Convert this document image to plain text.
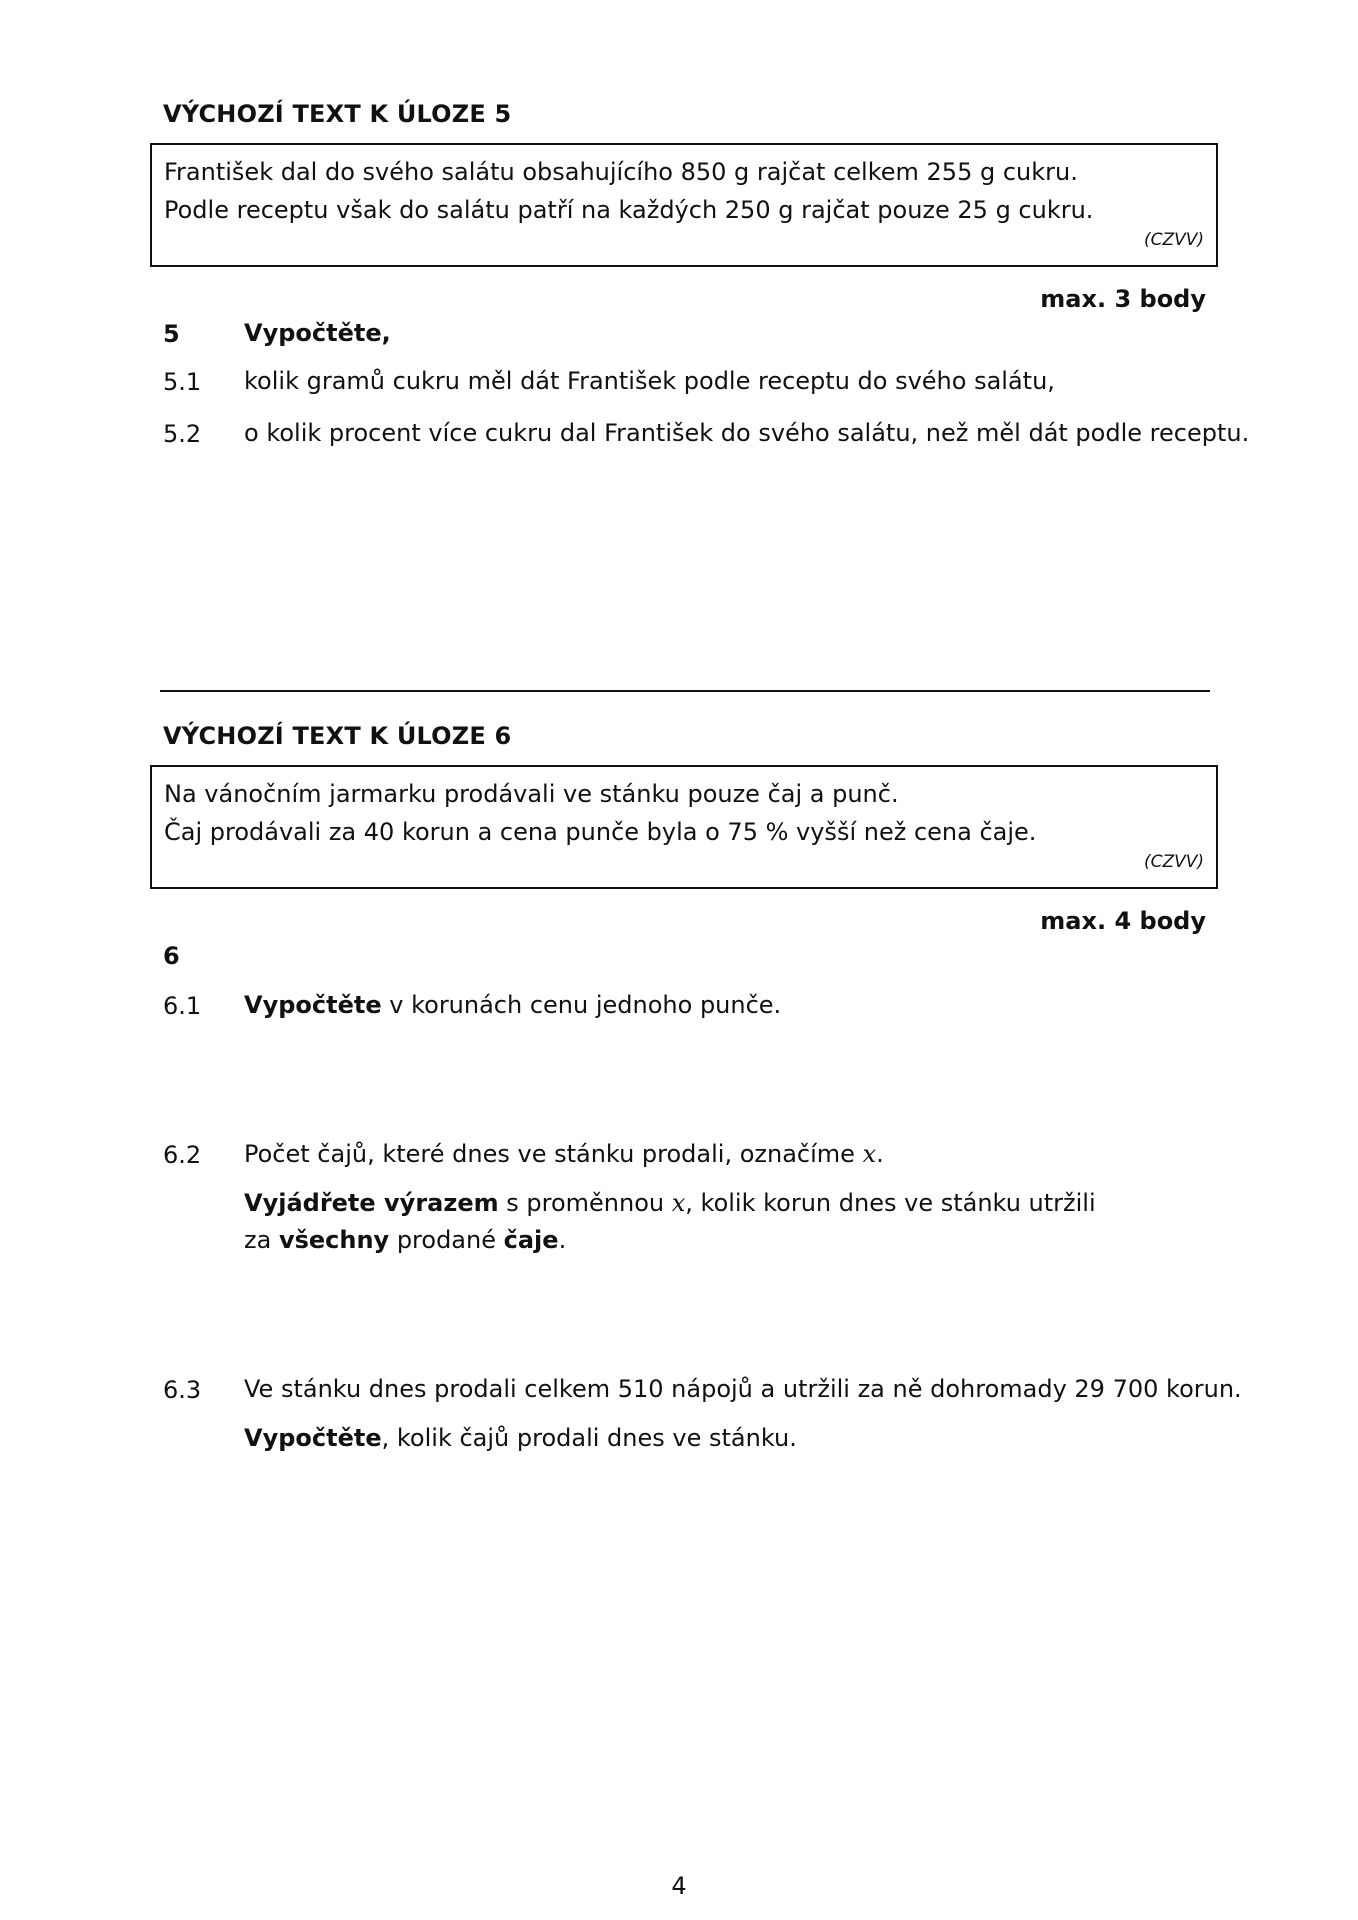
VÝCHOZÍ TEXT K ÚLOZE 5
František dal do svého salátu obsahujícího 850 g rajčat celkem 255 g cukru.
Podle receptu však do salátu patří na každých 250 g rajčat pouze 25 g cukru.
(CZVV)
max. 3 body
5	Vypočtěte,
5.1 kolik gramů cukru měl dát František podle receptu do svého salátu,
5.2 o kolik procent více cukru dal František do svého salátu, než měl dát podle receptu.
VÝCHOZÍ TEXT K ÚLOZE 6
Na vánočním jarmarku prodávali ve stánku pouze čaj a punč.
Čaj prodávali za 40 korun a cena punče byla o 75 % vyšší než cena čaje.
(CZVV)
max. 4 body
6
6.1 Vypočtěte v korunách cenu jednoho punče.
6.2 Počet čajů, které dnes ve stánku prodali, označíme x.
Vyjádřete výrazem s proměnnou x, kolik korun dnes ve stánku utržili
za všechny prodané čaje.
6.3 Ve stánku dnes prodali celkem 510 nápojů a utržili za ně dohromady 29 700 korun.
Vypočtěte, kolik čajů prodali dnes ve stánku.
4
